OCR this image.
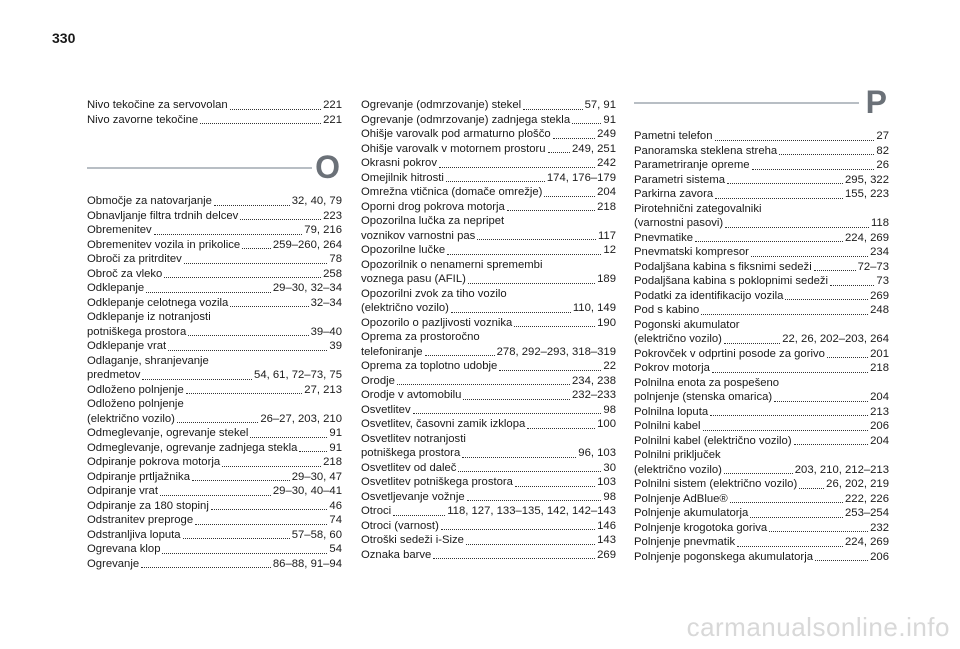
330
Nivo tekočine za servovolan	221
Nivo zavorne tekočine	221
O
Območje za natovarjanje	32, 40, 79
Obnavljanje filtra trdnih delcev	223
Obremenitev	79, 216
Obremenitev vozila in prikolice	259–260, 264
Obroči za pritrditev	78
Obroč za vleko	258
Odklepanje	29–30, 32–34
Odklepanje celotnega vozila	32–34
Odklepanje iz notranjosti
potniškega prostora	39–40
Odklepanje vrat	39
Odlaganje, shranjevanje
predmetov	54, 61, 72–73, 75
Odloženo polnjenje	27, 213
Odloženo polnjenje
(električno vozilo)	26–27, 203, 210
Odmeglevanje, ogrevanje stekel	91
Odmeglevanje, ogrevanje zadnjega stekla	91
Odpiranje pokrova motorja	218
Odpiranje prtljažnika	29–30, 47
Odpiranje vrat	29–30, 40–41
Odpiranje za 180 stopinj	46
Odstranitev preproge	74
Odstranljiva loputa	57–58, 60
Ogrevana klop	54
Ogrevanje	86–88, 91–94
Ogrevanje (odmrzovanje) stekel	57, 91
Ogrevanje (odmrzovanje) zadnjega stekla	91
Ohišje varovalk pod armaturno ploščo	249
Ohišje varovalk v motornem prostoru 249, 251
Okrasni pokrov	242
Omejilnik hitrosti	174, 176–179
Omrežna vtičnica (domače omrežje)	204
Oporni drog pokrova motorja	218
Opozorilna lučka za nepripet
voznikov varnostni pas	117
Opozorilne lučke	12
Opozorilnik o nenamerni spremembi
voznega pasu (AFIL)	189
Opozorilni zvok za tiho vozilo
(električno vozilo)	110, 149
Opozorilo o pazljivosti voznika	190
Oprema za prostoročno
telefoniranje	278, 292–293, 318–319
Oprema za toplotno udobje	22
Orodje	234, 238
Orodje v avtomobilu	232–233
Osvetlitev	98
Osvetlitev, časovni zamik izklopa	100
Osvetlitev notranjosti
potniškega prostora	96, 103
Osvetlitev od daleč	30
Osvetlitev potniškega prostora	103
Osvetljevanje vožnje	98
Otroci	118, 127, 133–135, 142, 142–143
Otroci (varnost)	146
Otroški sedeži i-Size	143
Oznaka barve	269
P
Pametni telefon	27
Panoramska steklena streha	82
Parametriranje opreme	26
Parametri sistema	295, 322
Parkirna zavora	155, 223
Pirotehnični zategovalniki
(varnostni pasovi)	118
Pnevmatike	224, 269
Pnevmatski kompresor	234
Podaljšana kabina s fiksnimi sedeži	72–73
Podaljšana kabina s poklopnimi sedeži	73
Podatki za identifikacijo vozila	269
Pod s kabino	248
Pogonski akumulator
(električno vozilo)	22, 26, 202–203, 264
Pokrovček v odprtini posode za gorivo	201
Pokrov motorja	218
Polnilna enota za pospešeno
polnjenje (stenska omarica)	204
Polnilna loputa	213
Polnilni kabel	206
Polnilni kabel (električno vozilo)	204
Polnilni priključek
(električno vozilo)	203, 210, 212–213
Polnilni sistem (električno vozilo)	26, 202, 219
Polnjenje AdBlue®	222, 226
Polnjenje akumulatorja	253–254
Polnjenje krogotoka goriva	232
Polnjenje pnevmatik	224, 269
Polnjenje pogonskega akumulatorja	206
carmanualsonline.info
